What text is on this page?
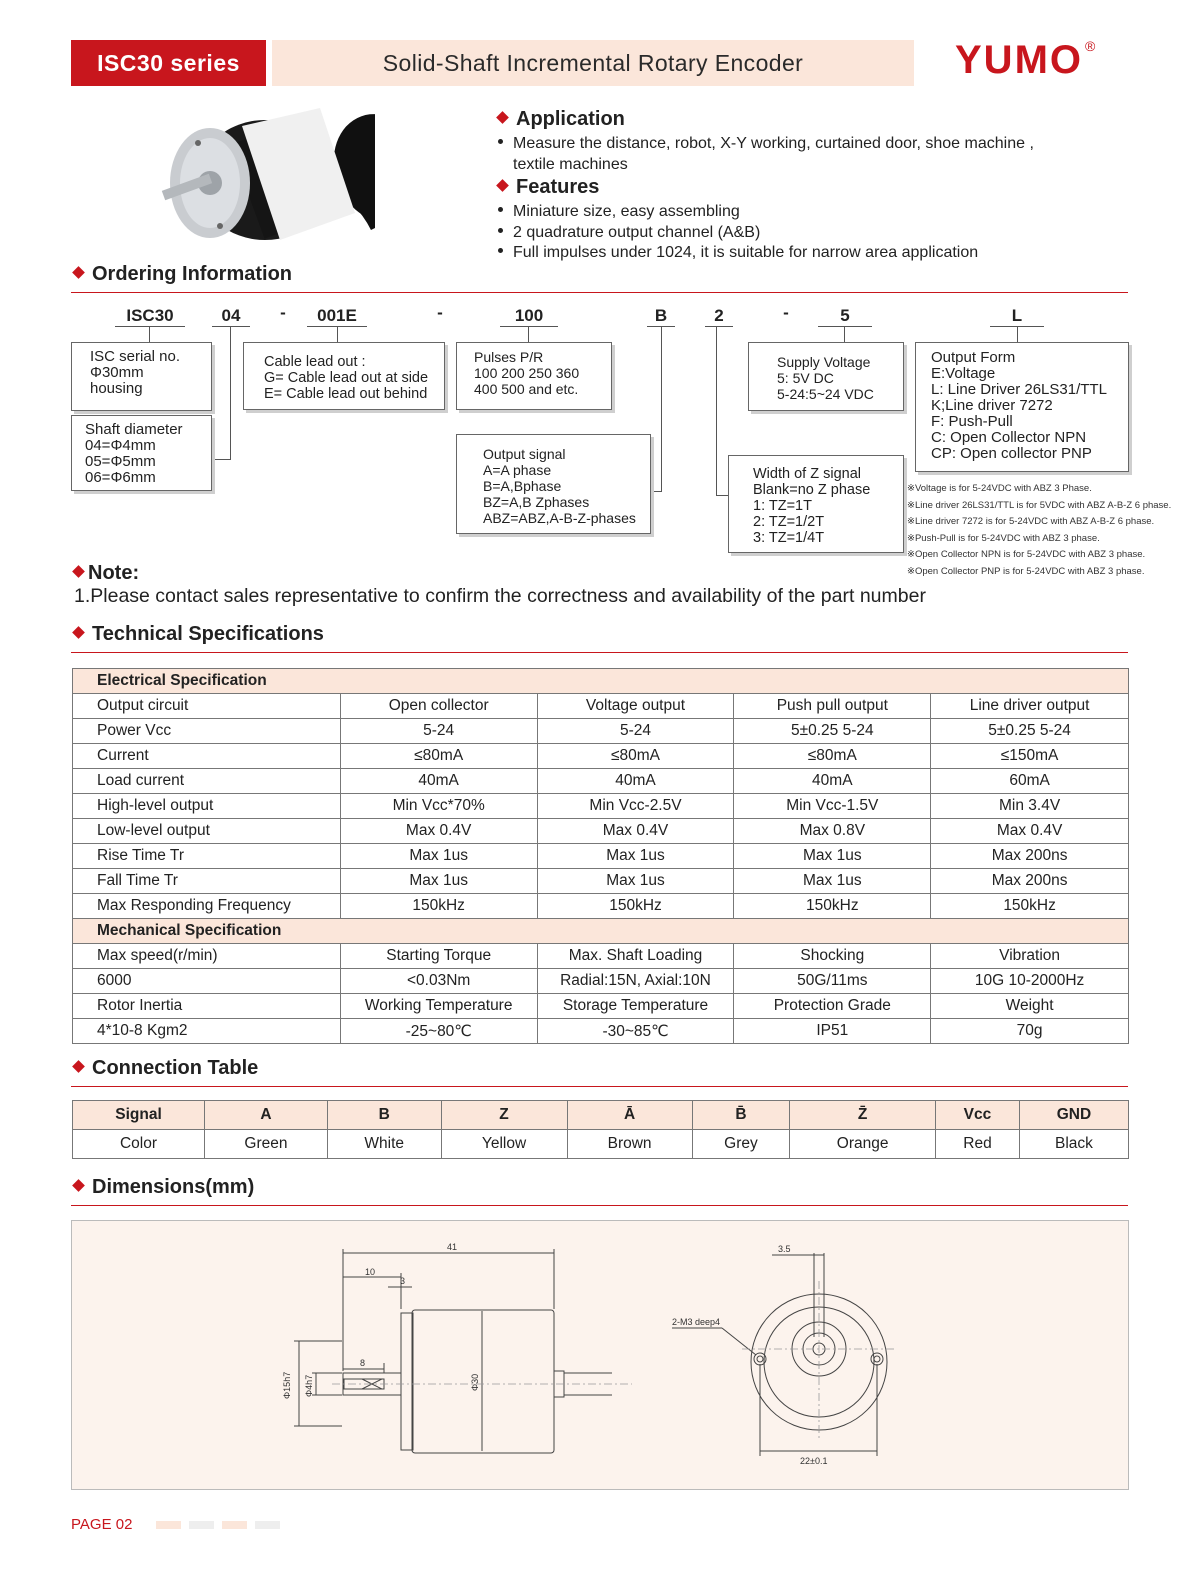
ISC30 series	Solid-Shaft Incremental Rotary Encoder	YUMO ®
Application
Measure the distance, robot, X-Y working, curtained door, shoe machine ,
textile machines
Features
Miniature size, easy assembling
2 quadrature output channel (A&B)
Full impulses under 1024, it is suitable for narrow area application
Ordering Information
ISC30	04	-	001E	-	100	B	2	-	5	L
ISC serial no.
Φ30mm
housing
Shaft diameter
04=Φ4mm
05=Φ5mm
06=Φ6mm
Cable lead out :
G= Cable lead out at side
E= Cable lead out behind
Pulses P/R
100 200 250 360
400 500 and etc.
Output signal
A=A phase
B=A,Bphase
BZ=A,B Zphases
ABZ=ABZ,A-B-Z-phases
Supply Voltage
5: 5V DC
5-24:5~24 VDC
Width of Z signal
Blank=no Z phase
1: TZ=1T
2: TZ=1/2T
3: TZ=1/4T
Output Form
E:Voltage
L: Line Driver 26LS31/TTL
K;Line driver 7272
F: Push-Pull
C: Open Collector NPN
CP: Open collector PNP
※Voltage is for 5-24VDC with ABZ 3 Phase.
※Line driver 26LS31/TTL is for 5VDC with ABZ A-B-Z 6 phase.
※Line driver 7272 is for 5-24VDC with ABZ A-B-Z 6 phase.
※Push-Pull is for 5-24VDC with ABZ 3 phase.
※Open Collector NPN is for 5-24VDC with ABZ 3 phase.
※Open Collector PNP is for 5-24VDC with ABZ 3 phase.
Note:
1.Please contact sales representative to confirm the correctness and availability of the part number
Technical Specifications
Electrical Specification				
Output circuit	Open collector	Voltage output	Push pull output	Line driver output
Power Vcc	5-24	5-24	5±0.25 5-24	5±0.25 5-24
Current	≤80mA	≤80mA	≤80mA	≤150mA
Load current	40mA	40mA	40mA	60mA
High-level output	Min Vcc*70%	Min Vcc-2.5V	Min Vcc-1.5V	Min 3.4V
Low-level output	Max 0.4V	Max 0.4V	Max 0.8V	Max 0.4V
Rise Time Tr	Max 1us	Max 1us	Max 1us	Max 200ns
Fall Time Tr	Max 1us	Max 1us	Max 1us	Max 200ns
Max Responding Frequency	150kHz	150kHz	150kHz	150kHz
Mechanical Specification				
Max speed(r/min)	Starting Torque	Max. Shaft Loading	Shocking	Vibration
6000	<0.03Nm	Radial:15N, Axial:10N	50G/11ms	10G 10-2000Hz
Rotor Inertia	Working Temperature	Storage Temperature	Protection Grade	Weight
4*10-8 Kgm2	-25~80℃	-30~85℃	IP51	70g
Connection Table
Signal	A	B	Z	Ā	B̄	Z̄	Vcc	GND
Color	Green	White	Yellow	Brown	Grey	Orange	Red	Black
Dimensions(mm)
41
10
3
8
Φ15h7 Φ4h7	Φ30
3.5
2-M3 deep4
22±0.1
PAGE 02
